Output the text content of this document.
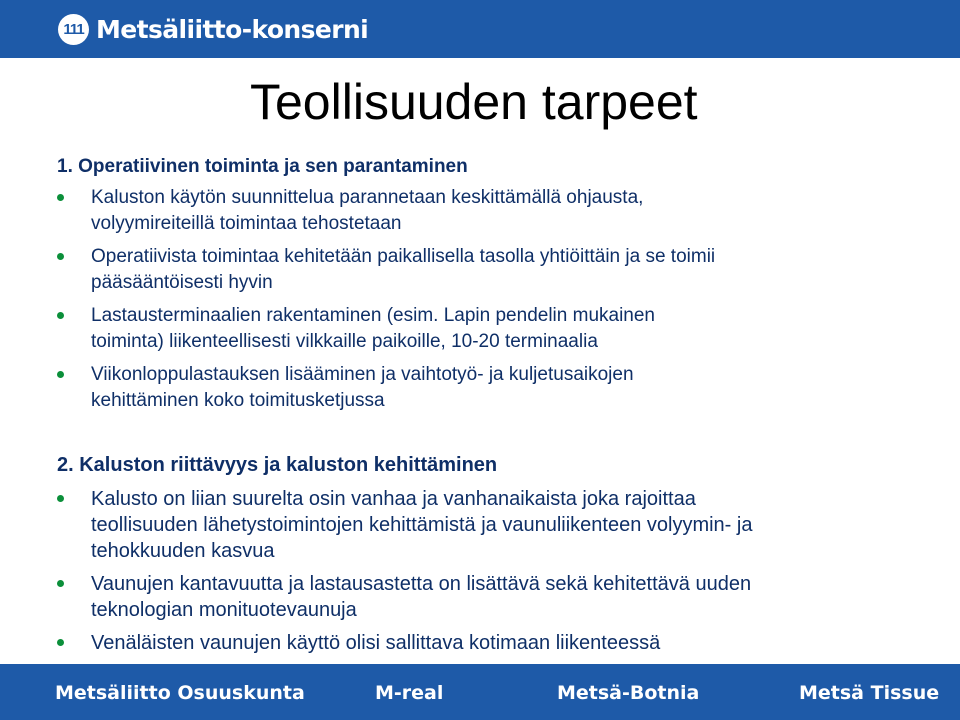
111 Metsäliitto-konserni
Teollisuuden tarpeet
1. Operatiivinen toiminta ja sen parantaminen
Kaluston käytön suunnittelua parannetaan keskittämällä ohjausta,
volyymireiteillä toimintaa tehostetaan
Operatiivista toimintaa kehitetään paikallisella tasolla yhtiöittäin ja se toimii
pääsääntöisesti hyvin
Lastausterminaalien rakentaminen (esim. Lapin pendelin mukainen
toiminta) liikenteellisesti vilkkaille paikoille, 10-20 terminaalia
Viikonloppulastauksen lisääminen ja vaihtotyö- ja kuljetusaikojen
kehittäminen koko toimitusketjussa
2. Kaluston riittävyys ja kaluston kehittäminen
Kalusto on liian suurelta osin vanhaa ja vanhanaikaista joka rajoittaa
teollisuuden lähetystoimintojen kehittämistä ja vaunuliikenteen volyymin- ja
tehokkuuden kasvua
Vaunujen kantavuutta ja lastausastetta on lisättävä sekä kehitettävä uuden
teknologian monituotevaunuja
Venäläisten vaunujen käyttö olisi sallittava kotimaan liikenteessä
Metsäliitto Osuuskunta	M-real	Metsä-Botnia	Metsä Tissue
